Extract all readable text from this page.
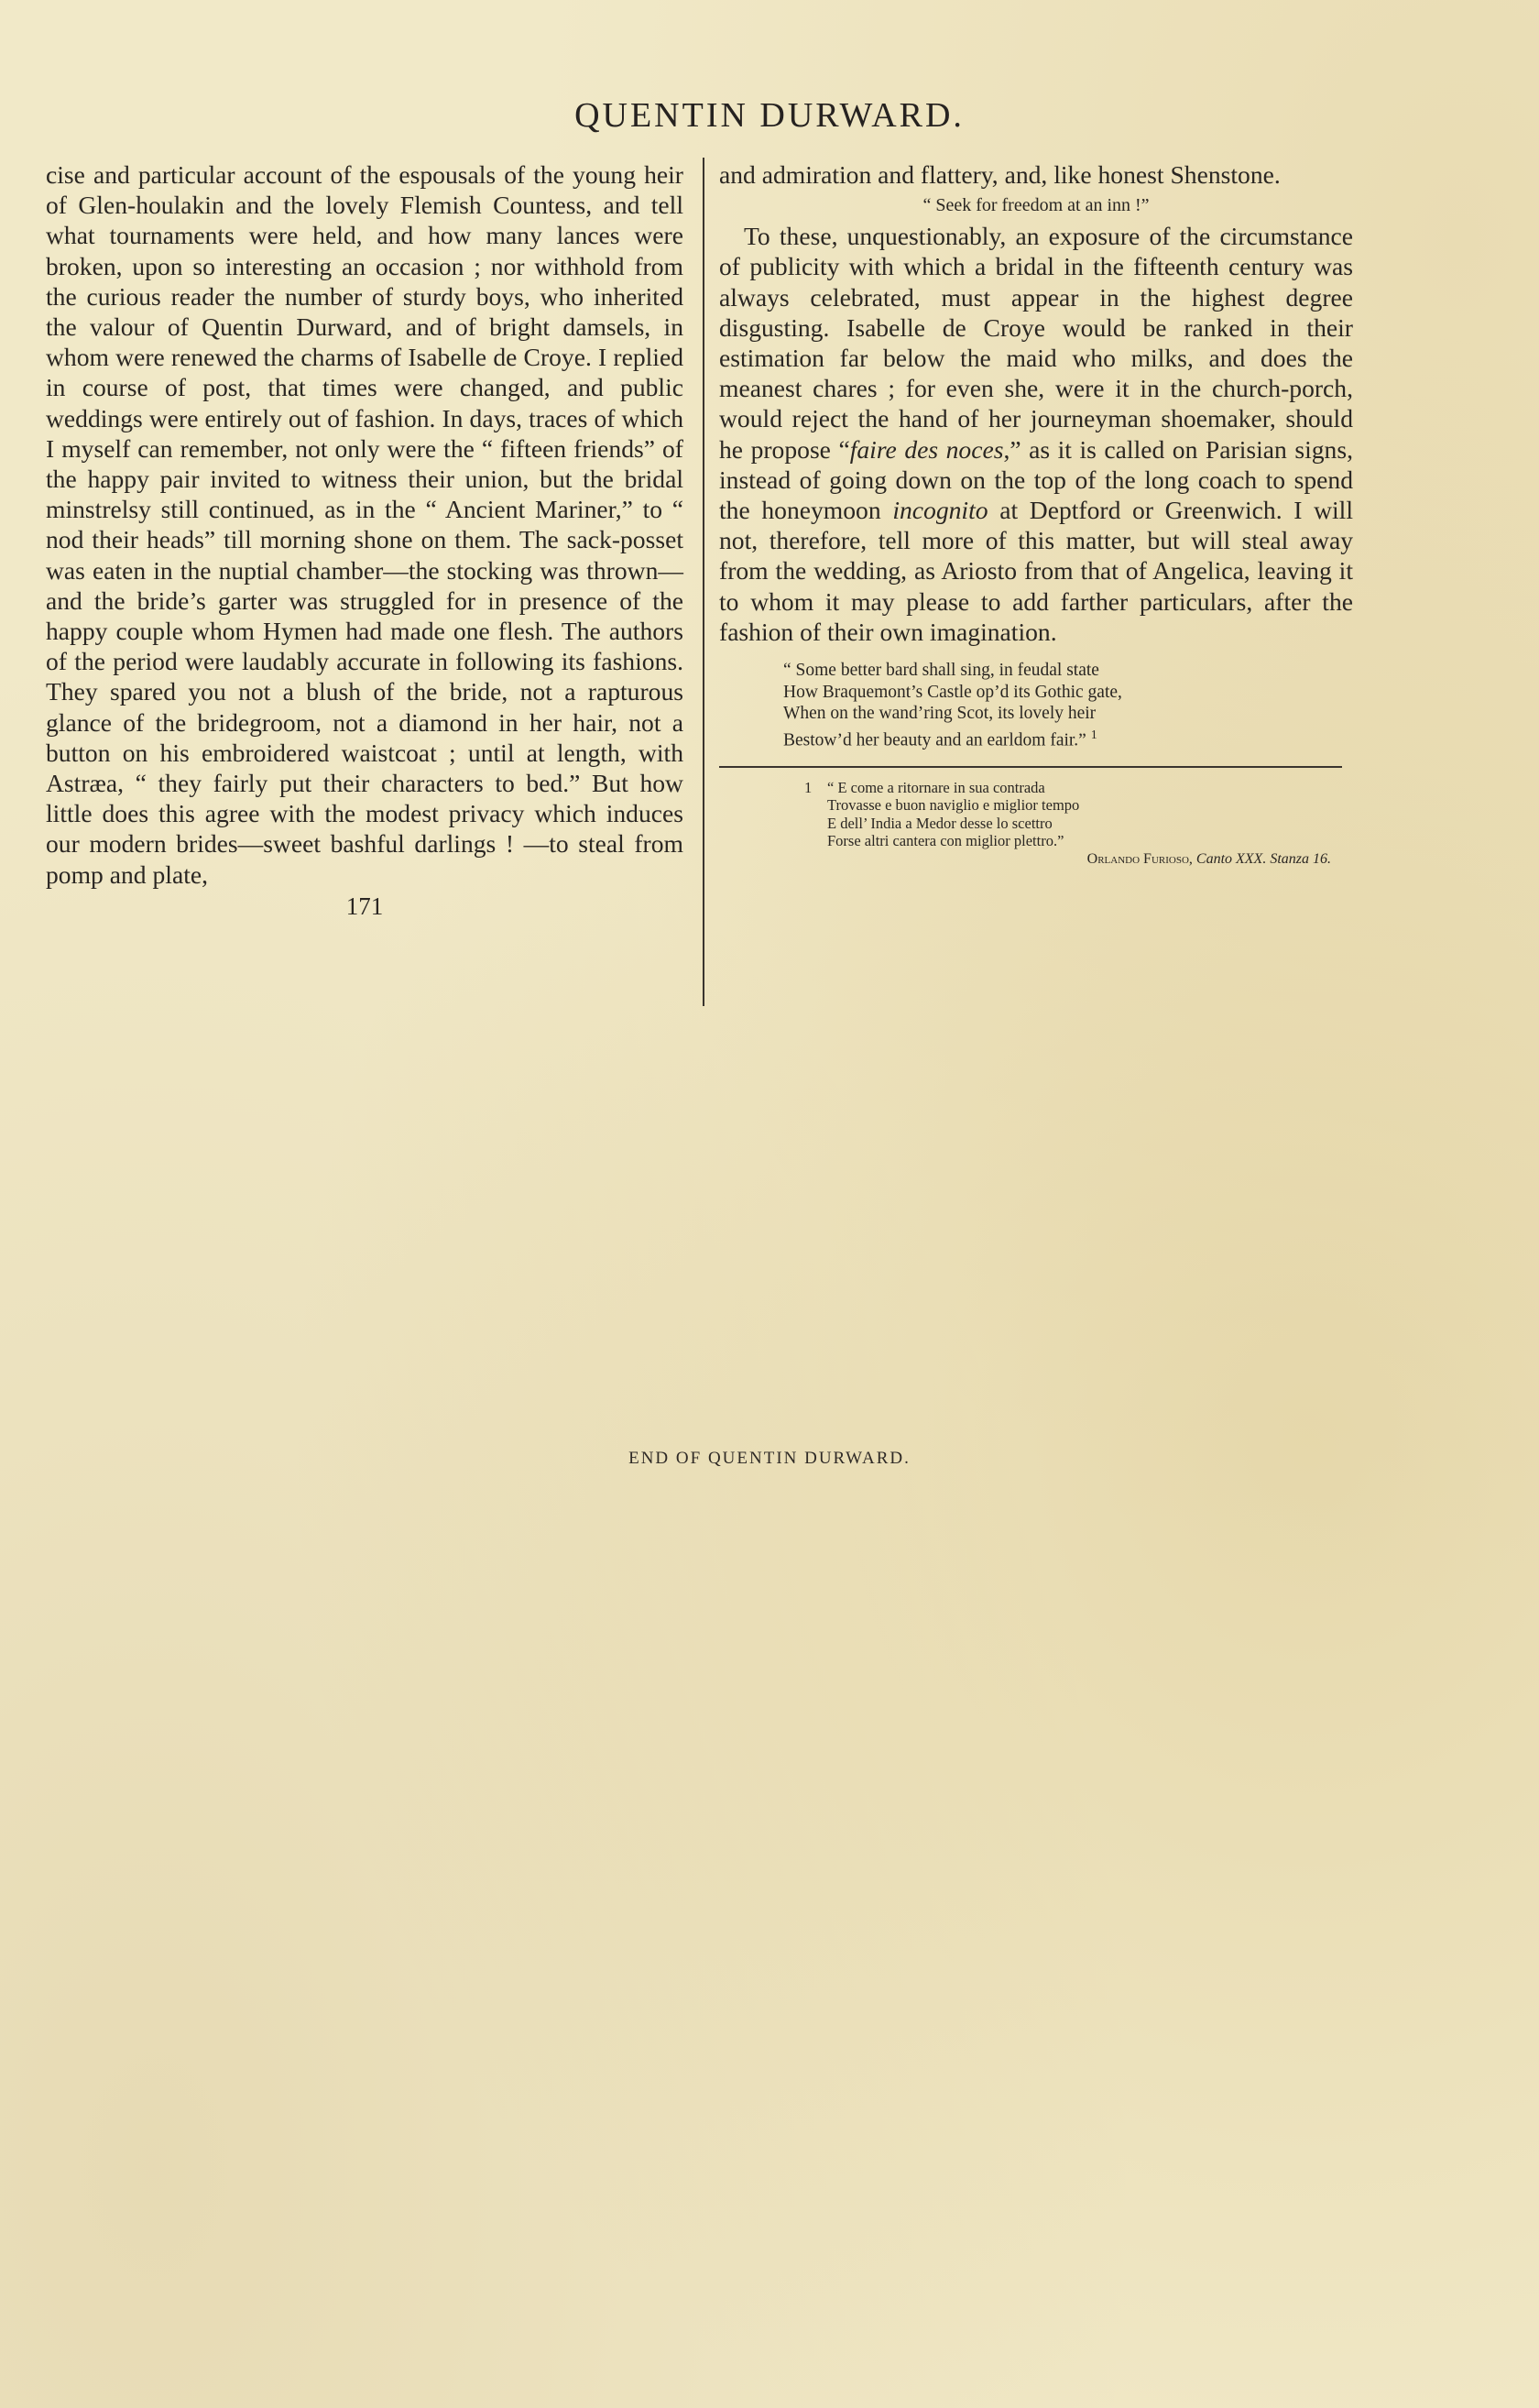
QUENTIN DURWARD.

cise and particular account of the espousals of the young heir of Glen-houlakin and the lovely Flemish Countess, and tell what tournaments were held, and how many lances were broken, upon so interesting an occasion ; nor withhold from the curious reader the number of sturdy boys, who inherited the valour of Quentin Durward, and of bright damsels, in whom were renewed the charms of Isabelle de Croye. I replied in course of post, that times were changed, and public weddings were entirely out of fashion. In days, traces of which I myself can remember, not only were the “ fifteen friends” of the happy pair invited to witness their union, but the bridal minstrelsy still continued, as in the “ Ancient Mariner,” to “ nod their heads” till morning shone on them. The sack-posset was eaten in the nuptial chamber—the stocking was thrown—and the bride’s garter was struggled for in presence of the happy couple whom Hymen had made one flesh. The authors of the period were laudably accurate in following its fashions. They spared you not a blush of the bride, not a rapturous glance of the bridegroom, not a diamond in her hair, not a button on his embroidered waistcoat ; until at length, with Astræa, “ they fairly put their characters to bed.” But how little does this agree with the modest privacy which induces our modern brides—sweet bashful darlings ! —to steal from pomp and plate,

171

and admiration and flattery, and, like honest Shenstone.

“ Seek for freedom at an inn !”

To these, unquestionably, an exposure of the circumstance of publicity with which a bridal in the fifteenth century was always celebrated, must appear in the highest degree disgusting. Isabelle de Croye would be ranked in their estimation far below the maid who milks, and does the meanest chares ; for even she, were it in the church-porch, would reject the hand of her journeyman shoemaker, should he propose “faire des noces,” as it is called on Parisian signs, instead of going down on the top of the long coach to spend the honeymoon incognito at Deptford or Greenwich. I will not, therefore, tell more of this matter, but will steal away from the wedding, as Ariosto from that of Angelica, leaving it to whom it may please to add farther particulars, after the fashion of their own imagination.

“ Some better bard shall sing, in feudal state
How Braquemont’s Castle op’d its Gothic gate,
When on the wand’ring Scot, its lovely heir
Bestow’d her beauty and an earldom fair.” $^1$
1 “ E come a ritornare in sua contrada
Trovasse e buon naviglio e miglior tempo
E dell’ India a Medor desse lo scettro
Forse altri cantera con miglior plettro.”
Orlando Furioso, Canto XXX. Stanza 16.
END OF QUENTIN DURWARD.
